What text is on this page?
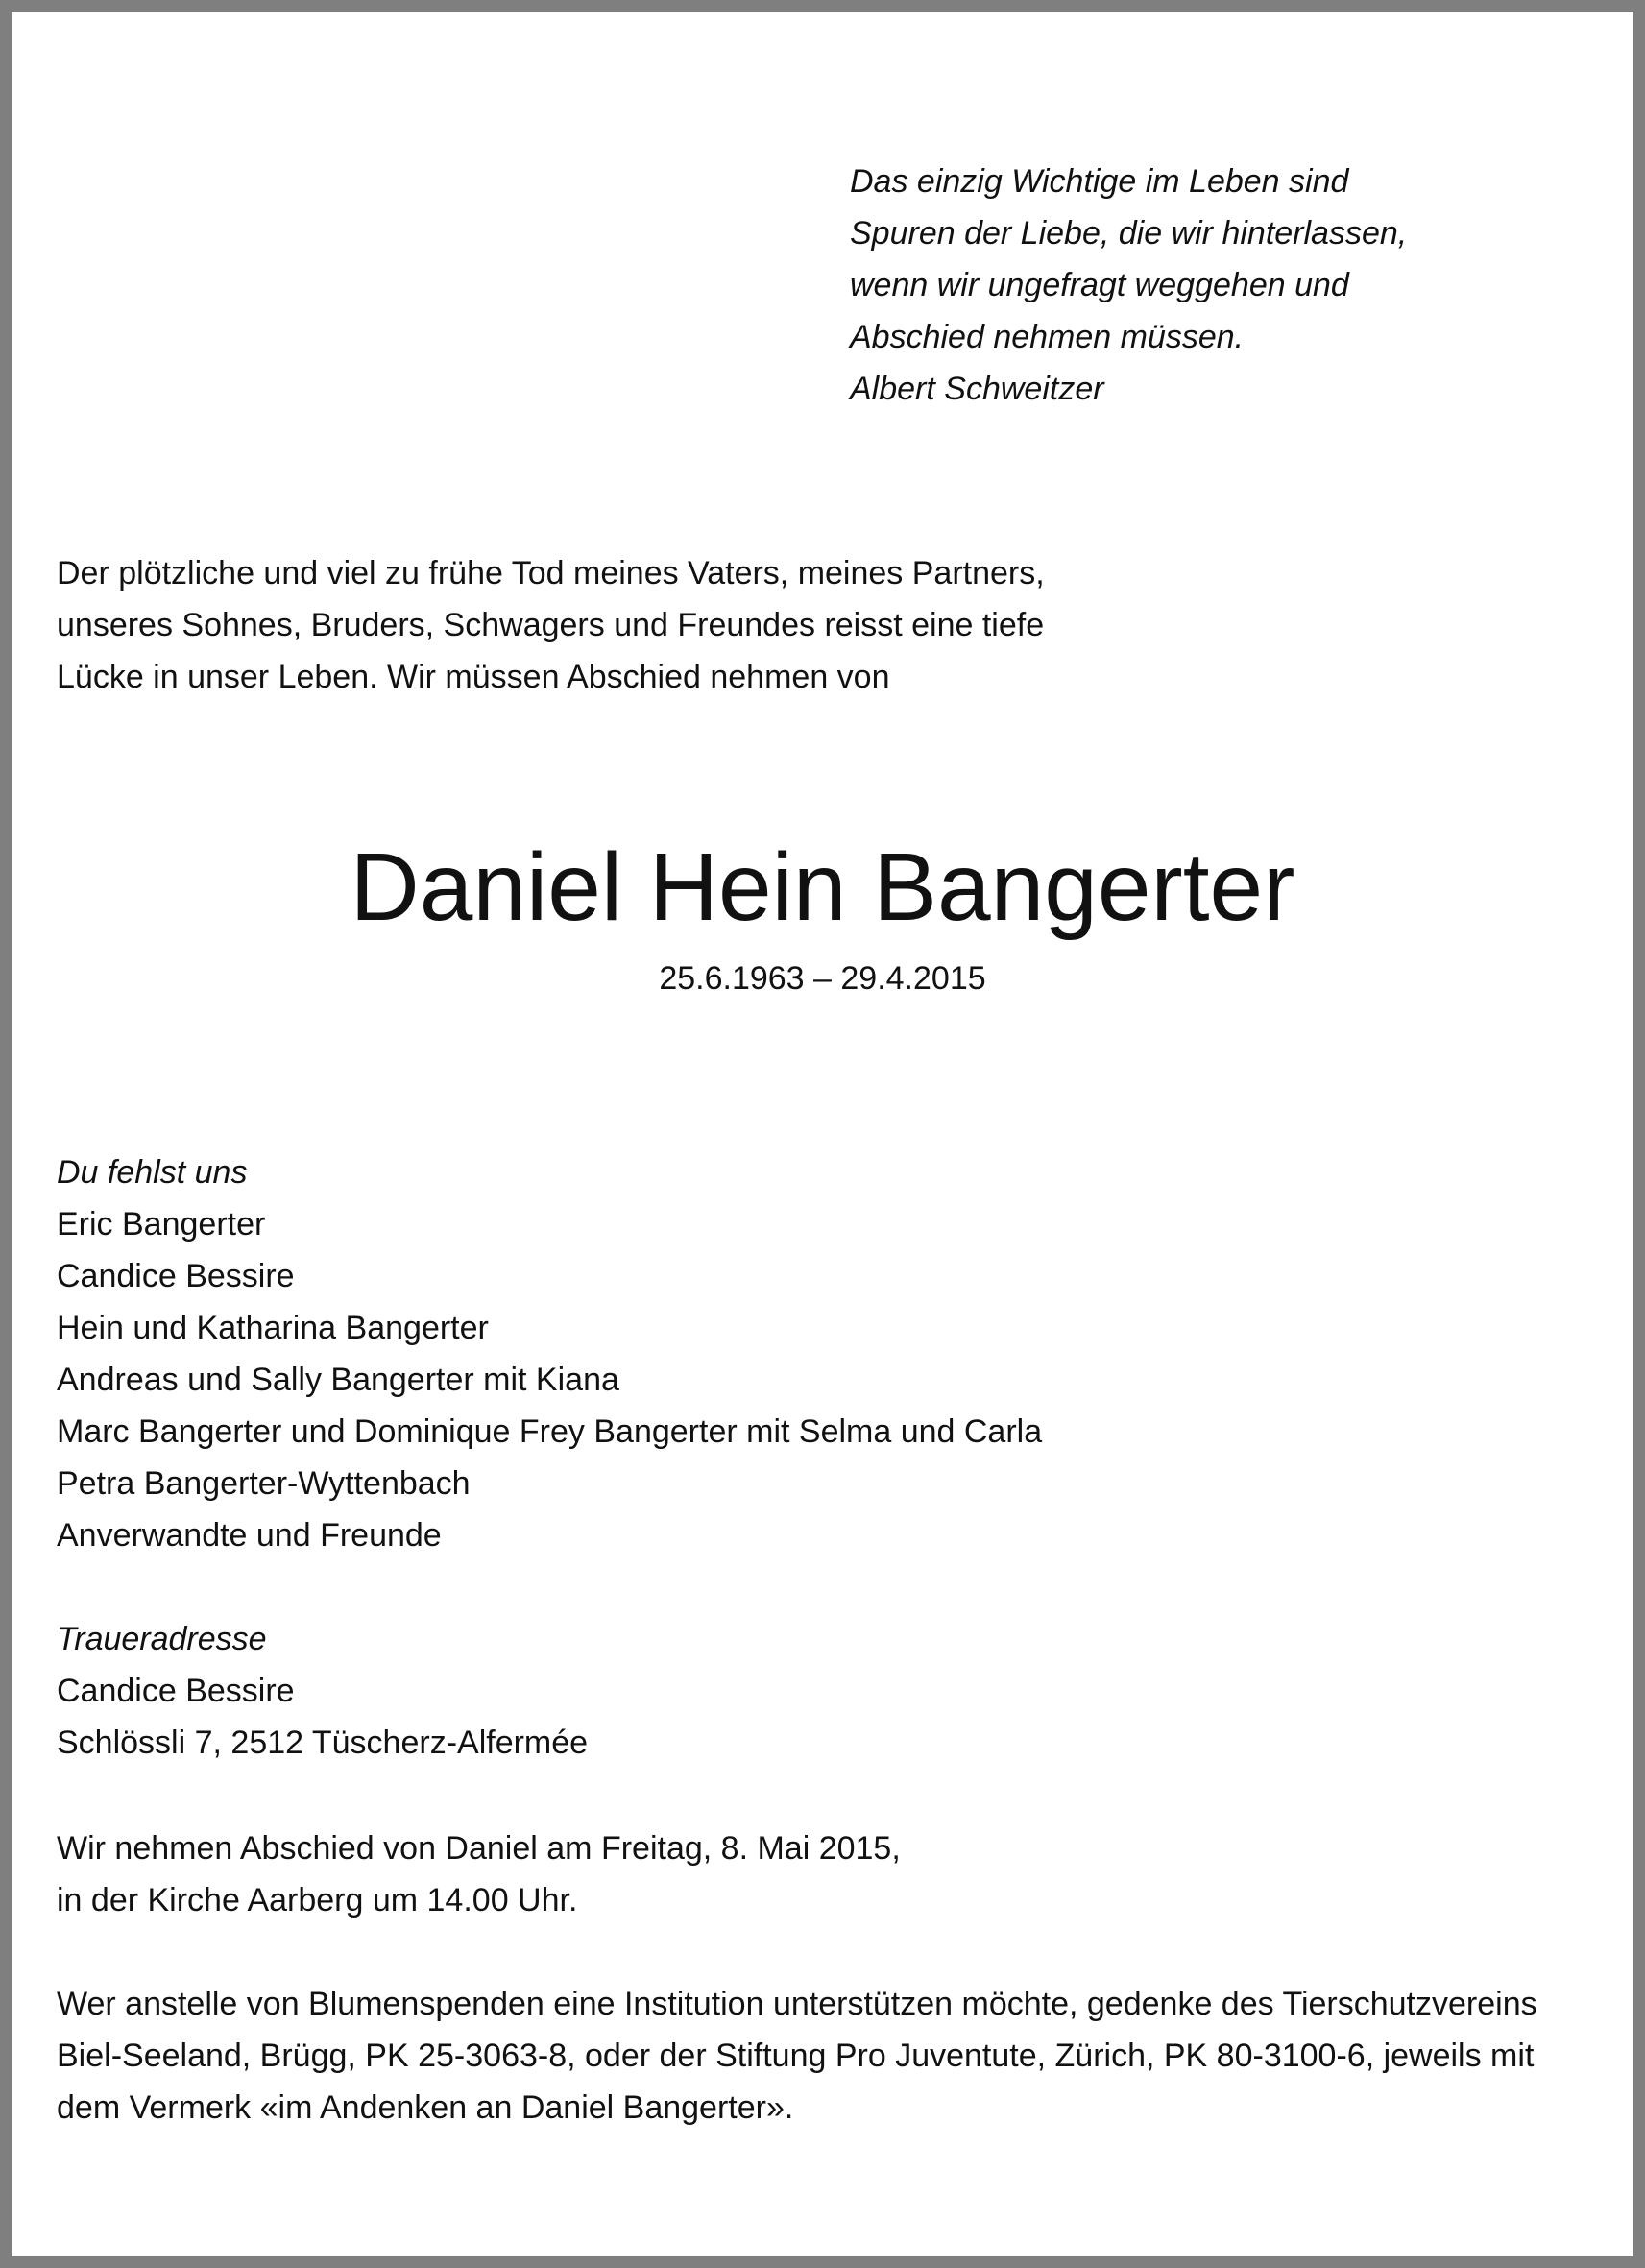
Das einzig Wichtige im Leben sind
Spuren der Liebe, die wir hinterlassen,
wenn wir ungefragt weggehen und
Abschied nehmen müssen.
Albert Schweitzer
Der plötzliche und viel zu frühe Tod meines Vaters, meines Partners,
unseres Sohnes, Bruders, Schwagers und Freundes reisst eine tiefe
Lücke in unser Leben. Wir müssen Abschied nehmen von
Daniel Hein Bangerter
25.6.1963 – 29.4.2015
Du fehlst uns
Eric Bangerter
Candice Bessire
Hein und Katharina Bangerter
Andreas und Sally Bangerter mit Kiana
Marc Bangerter und Dominique Frey Bangerter mit Selma und Carla
Petra Bangerter-Wyttenbach
Anverwandte und Freunde
Traueradresse
Candice Bessire
Schlössli 7, 2512 Tüscherz-Alfermée
Wir nehmen Abschied von Daniel am Freitag, 8. Mai 2015,
in der Kirche Aarberg um 14.00 Uhr.
Wer anstelle von Blumenspenden eine Institution unterstützen möchte, gedenke des Tierschutzvereins
Biel-Seeland, Brügg, PK 25-3063-8, oder der Stiftung Pro Juventute, Zürich, PK 80-3100-6, jeweils mit
dem Vermerk «im Andenken an Daniel Bangerter».
